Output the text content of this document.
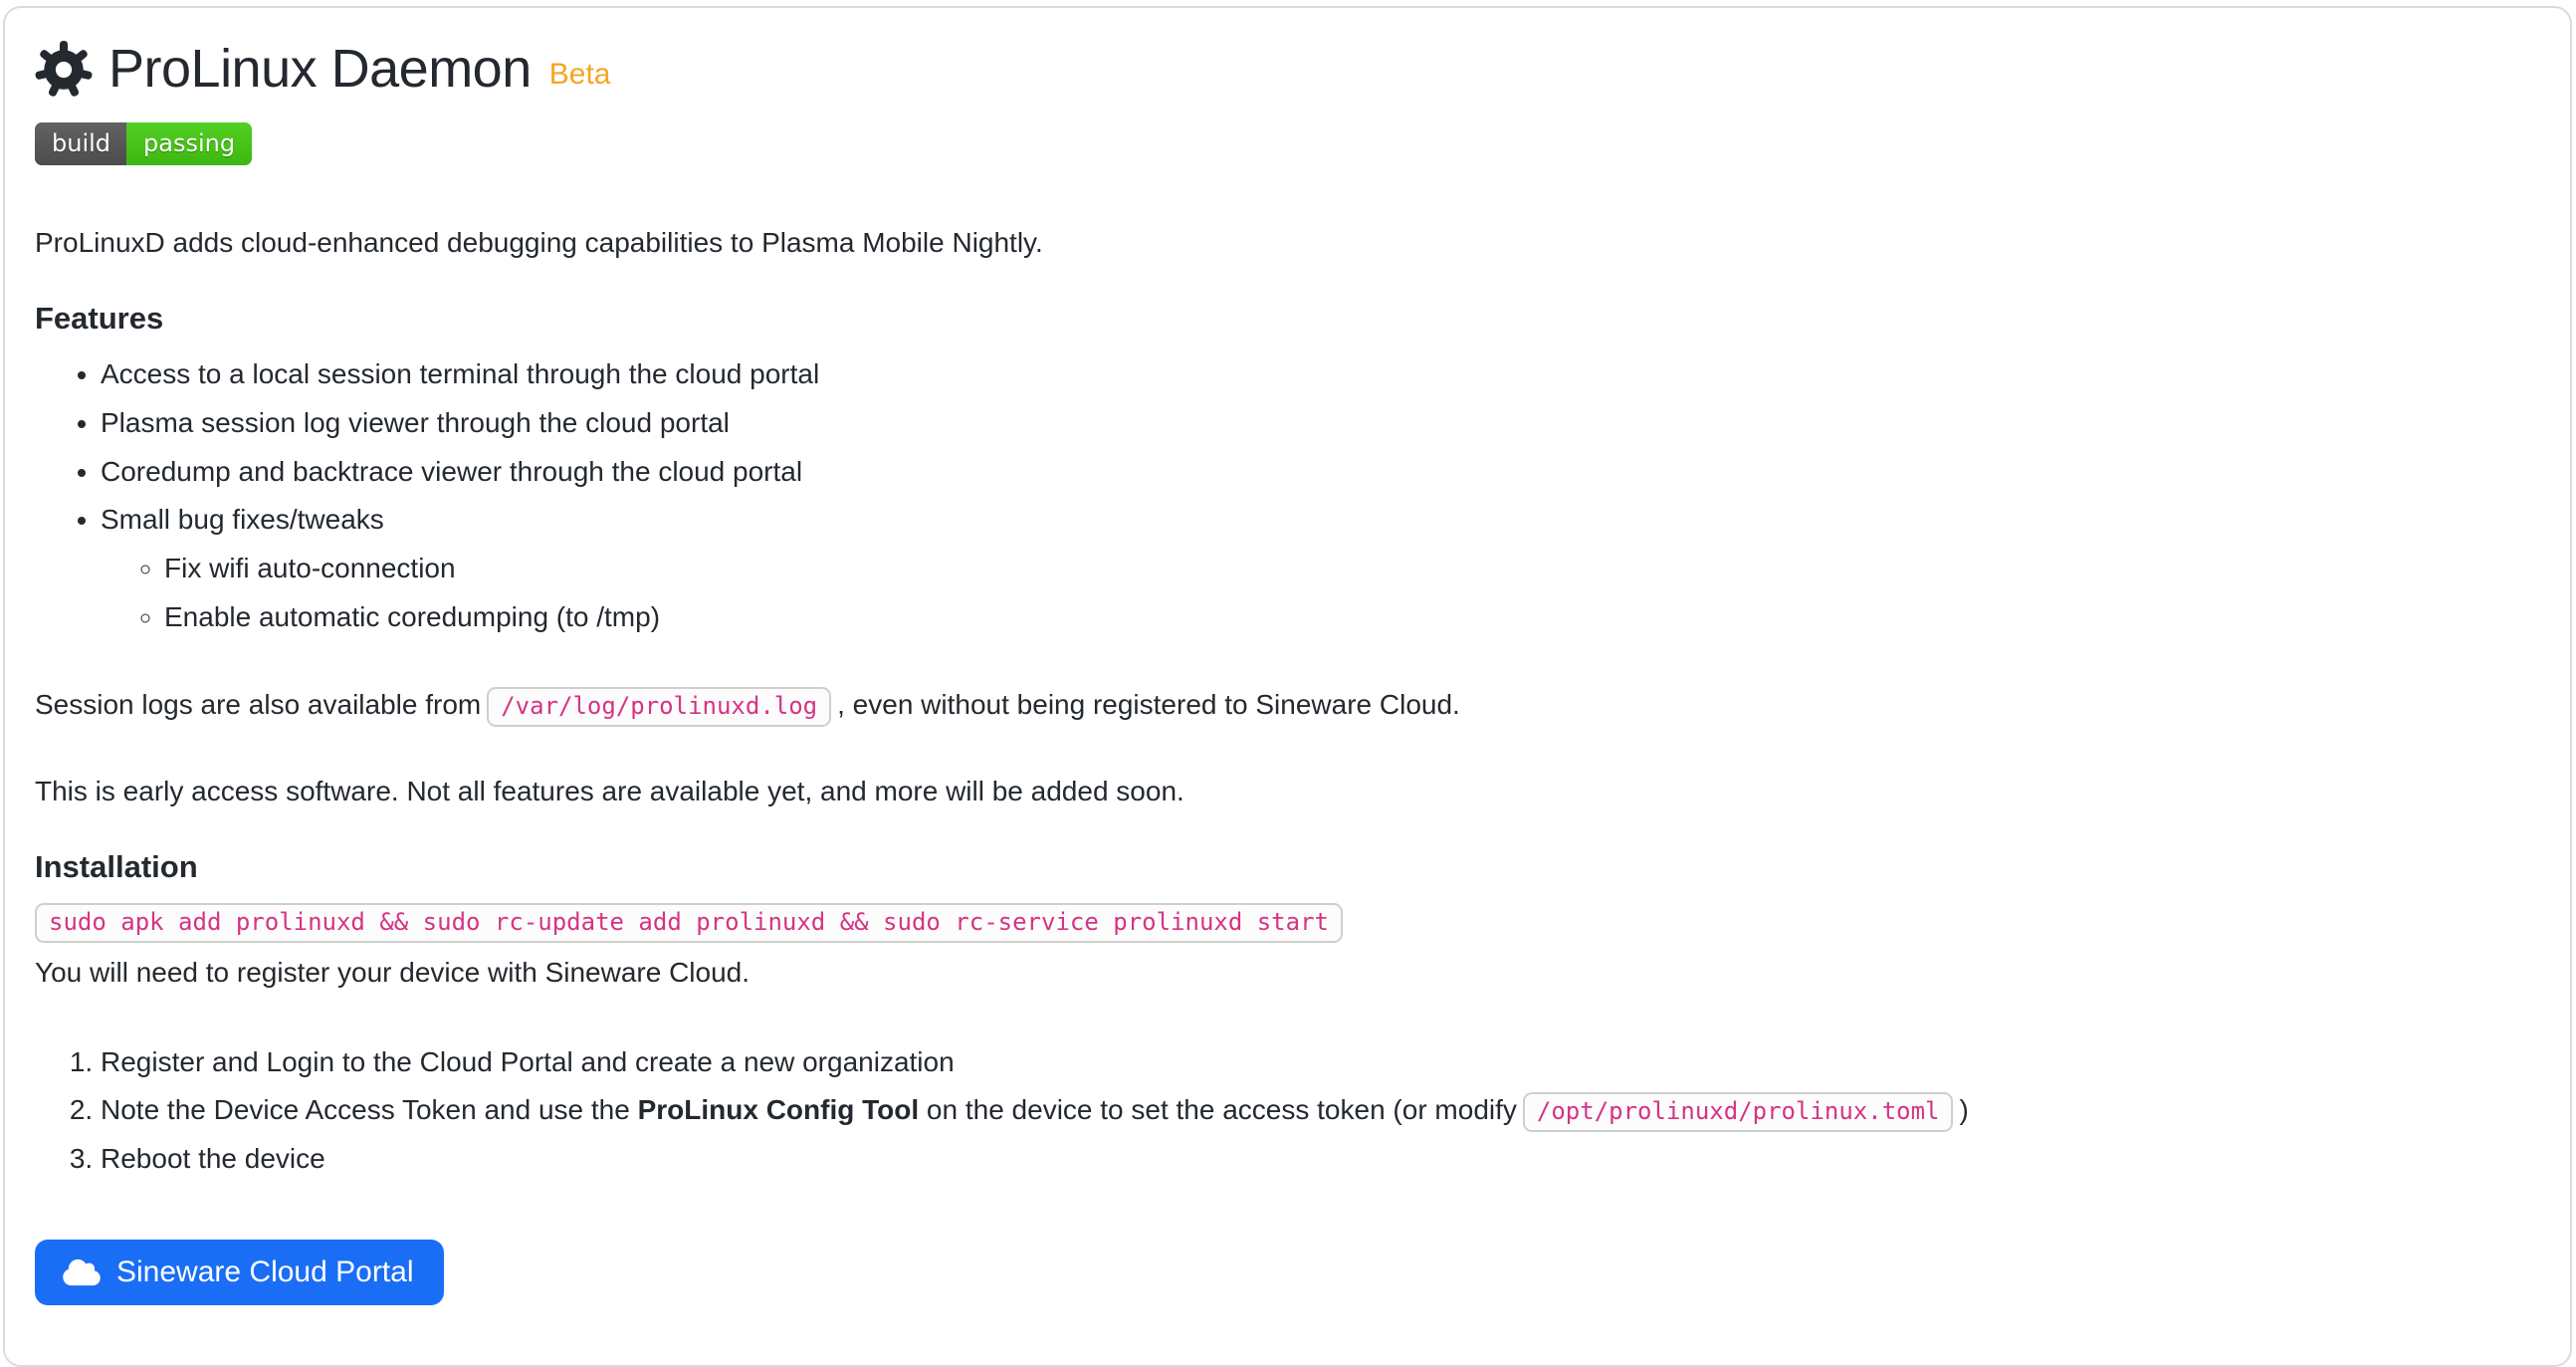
ProLinux Daemon Beta
build	passing

ProLinuxD adds cloud-enhanced debugging capabilities to Plasma Mobile Nightly.

Features
• Access to a local session terminal through the cloud portal
• Plasma session log viewer through the cloud portal
• Coredump and backtrace viewer through the cloud portal
• Small bug fixes/tweaks
◦ Fix wifi auto-connection
◦ Enable automatic coredumping (to /tmp)

Session logs are also available from /var/log/prolinuxd.log , even without being registered to Sineware Cloud.

This is early access software. Not all features are available yet, and more will be added soon.

Installation

sudo apk add prolinuxd && sudo rc-update add prolinuxd && sudo rc-service prolinuxd start

You will need to register your device with Sineware Cloud.

1. Register and Login to the Cloud Portal and create a new organization
2. Note the Device Access Token and use the ProLinux Config Tool on the device to set the access token (or modify /opt/prolinuxd/prolinux.toml )
3. Reboot the device
Sineware Cloud Portal
